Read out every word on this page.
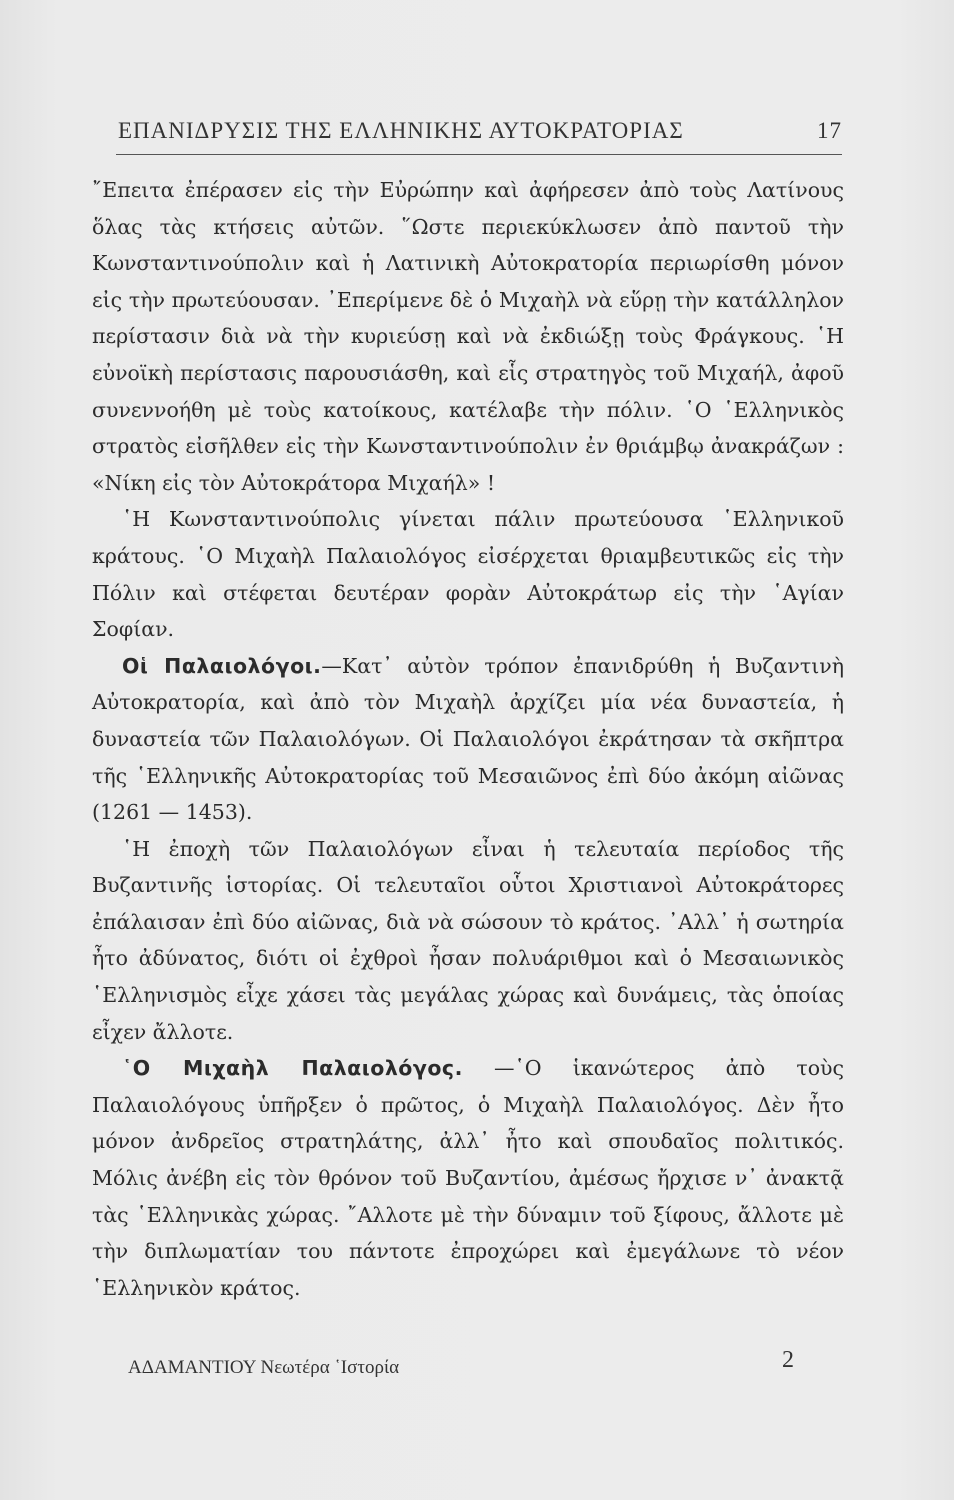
ΕΠΑΝΙΔΡΥΣΙΣ ΤΗΣ ΕΛΛΗΝΙΚΗΣ ΑΥΤΟΚΡΑΤΟΡΙΑΣ	17

῎Επειτα ἐπέρασεν εἰς τὴν Εὐρώπην καὶ ἀφήρεσεν ἀπὸ τοὺς Λατίνους ὅλας τὰς κτήσεις αὐτῶν. ῞Ωστε περιεκύκλωσεν ἀπὸ παντοῦ τὴν Κωνσταντινούπολιν καὶ ἡ Λατινικὴ Αὐτοκρατορία περιωρίσθη μόνον εἰς τὴν πρωτεύουσαν. ᾿Επερίμενε δὲ ὁ Μιχαὴλ νὰ εὕρῃ τὴν κατάλληλον περίστασιν διὰ νὰ τὴν κυριεύσῃ καὶ νὰ ἐκδιώξῃ τοὺς Φράγκους. ῾Η εὐνοϊκὴ περίστασις παρουσιάσθη, καὶ εἷς στρατηγὸς τοῦ Μιχαήλ, ἀφοῦ συνεννοήθη μὲ τοὺς κατοίκους, κατέλαβε τὴν πόλιν. ῾Ο ῾Ελληνικὸς στρατὸς εἰσῆλθεν εἰς τὴν Κωνσταντινούπολιν ἐν θριάμβῳ ἀνακράζων : «Νίκη εἰς τὸν Αὐτοκράτορα Μιχαήλ» !

῾Η Κωνσταντινούπολις γίνεται πάλιν πρωτεύουσα ῾Ελληνικοῦ κράτους. ῾Ο Μιχαὴλ Παλαιολόγος εἰσέρχεται θριαμβευτικῶς εἰς τὴν Πόλιν καὶ στέφεται δευτέραν φορὰν Αὐτοκράτωρ εἰς τὴν ῾Αγίαν Σοφίαν.

Οἱ Παλαιολόγοι.—Κατ᾿ αὐτὸν τρόπον ἐπανιδρύθη ἡ Βυζαντινὴ Αὐτοκρατορία, καὶ ἀπὸ τὸν Μιχαὴλ ἀρχίζει μία νέα δυναστεία, ἡ δυναστεία τῶν Παλαιολόγων. Οἱ Παλαιολόγοι ἐκράτησαν τὰ σκῆπτρα τῆς ῾Ελληνικῆς Αὐτοκρατορίας τοῦ Μεσαιῶνος ἐπὶ δύο ἀκόμη αἰῶνας (1261 — 1453).

῾Η ἐποχὴ τῶν Παλαιολόγων εἶναι ἡ τελευταία περίοδος τῆς Βυζαντινῆς ἱστορίας. Οἱ τελευταῖοι οὗτοι Χριστιανοὶ Αὐτοκράτορες ἐπάλαισαν ἐπὶ δύο αἰῶνας, διὰ νὰ σώσουν τὸ κράτος. ᾿Αλλ᾿ ἡ σωτηρία ἦτο ἀδύνατος, διότι οἱ ἐχθροὶ ἦσαν πολυάριθμοι καὶ ὁ Μεσαιωνικὸς ῾Ελληνισμὸς εἶχε χάσει τὰς μεγάλας χώρας καὶ δυνάμεις, τὰς ὁποίας εἶχεν ἄλλοτε.

῾Ο Μιχαὴλ Παλαιολόγος. —῾Ο ἱκανώτερος ἀπὸ τοὺς Παλαιολόγους ὑπῆρξεν ὁ πρῶτος, ὁ Μιχαὴλ Παλαιολόγος. Δὲν ἦτο μόνον ἀνδρεῖος στρατηλάτης, ἀλλ᾿ ἦτο καὶ σπουδαῖος πολιτικός. Μόλις ἀνέβη εἰς τὸν θρόνον τοῦ Βυζαντίου, ἀμέσως ἤρχισε ν᾿ ἀνακτᾷ τὰς ῾Ελληνικὰς χώρας. ῎Αλλοτε μὲ τὴν δύναμιν τοῦ ξίφους, ἄλλοτε μὲ τὴν διπλωματίαν του πάντοτε ἐπροχώρει καὶ ἐμεγάλωνε τὸ νέον ῾Ελληνικὸν κράτος.

ΑΔΑΜΑΝΤΙΟΥ Νεωτέρα ῾Ιστορία	2
